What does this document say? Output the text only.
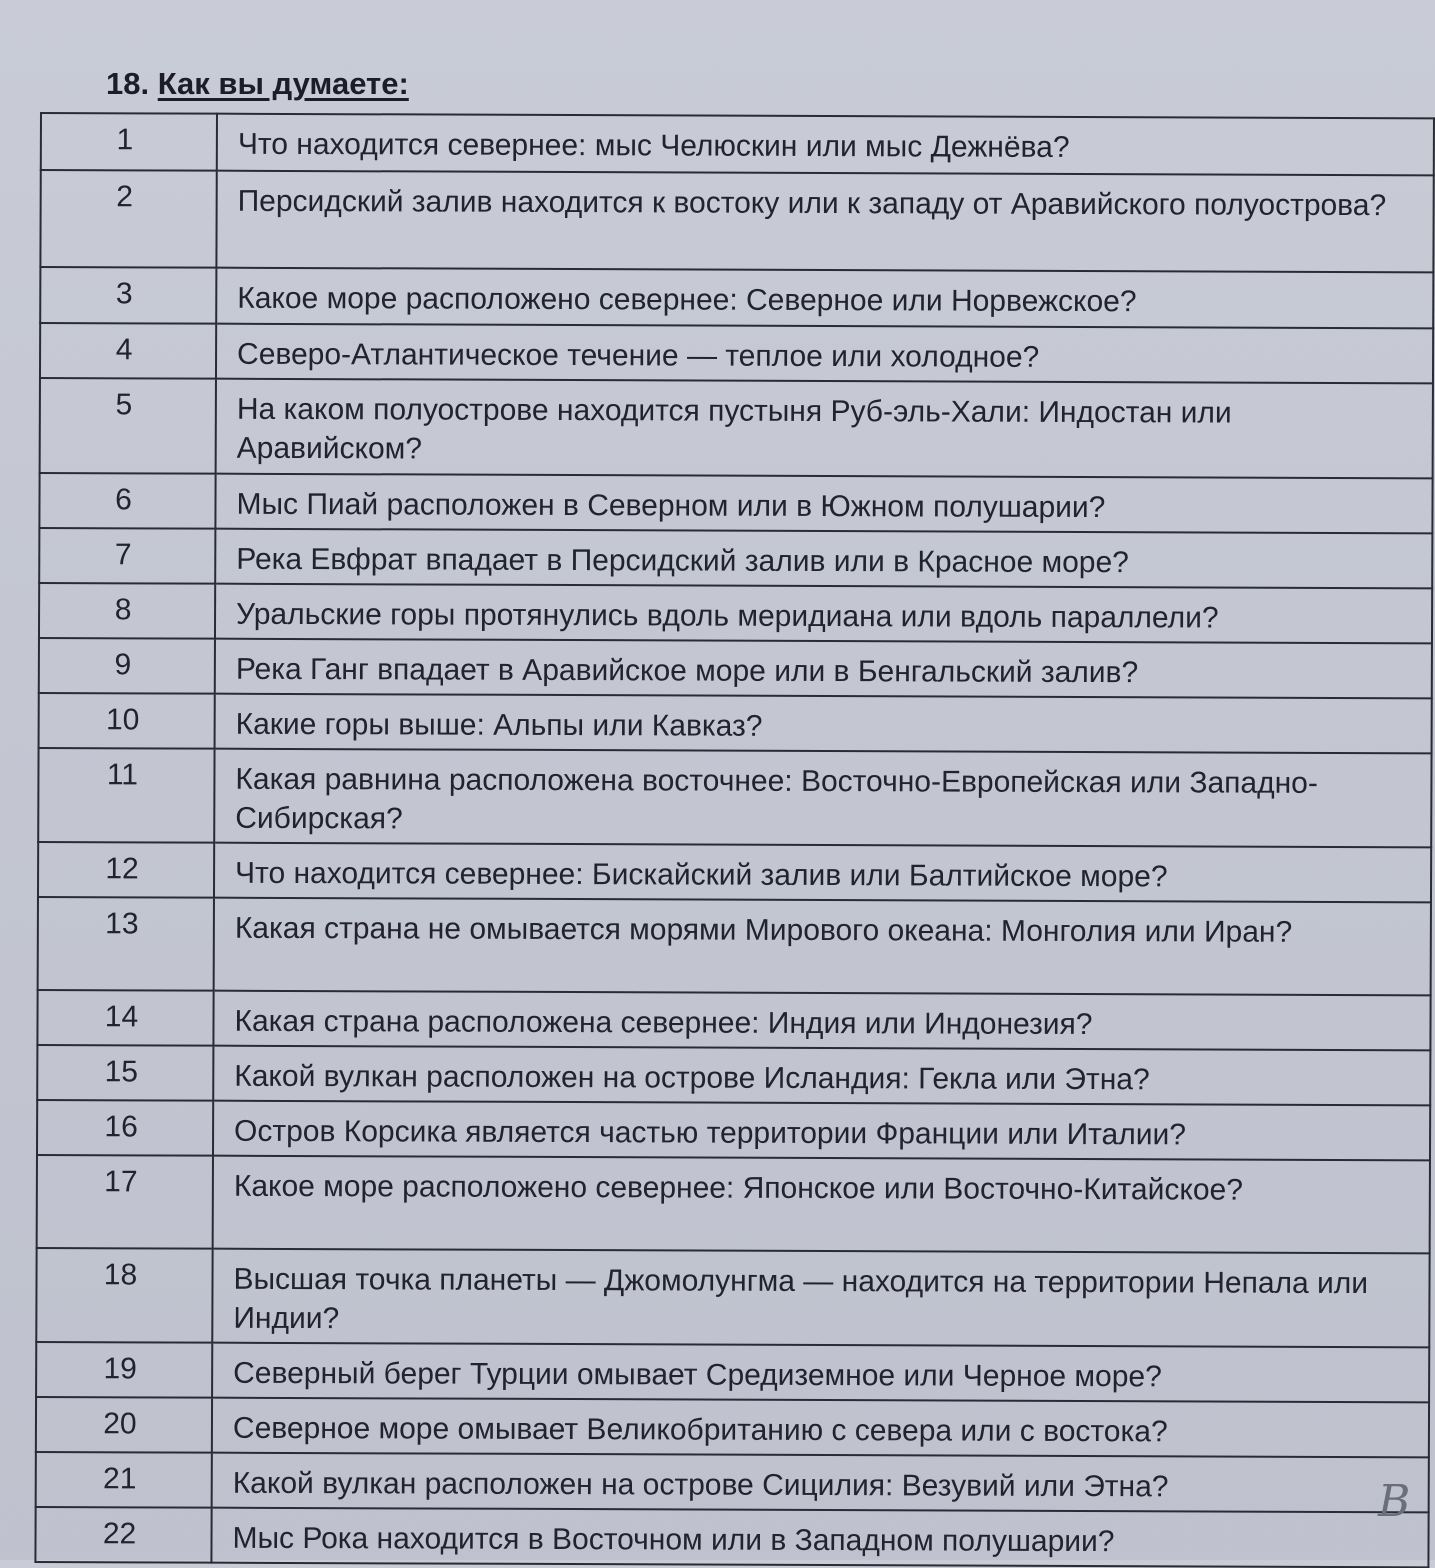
18. Как вы думаете:
1	Что находится севернее: мыс Челюскин или мыс Дежнёва?
2	Персидский залив находится к востоку или к западу от Аравийского полуострова?
3	Какое море расположено севернее: Северное или Норвежское?
4	Северо-Атлантическое течение — теплое или холодное?
5	На каком полуострове находится пустыня Руб-эль-Хали: Индостан или Аравийском?
6	Мыс Пиай расположен в Северном или в Южном полушарии?
7	Река Евфрат впадает в Персидский залив или в Красное море?
8	Уральские горы протянулись вдоль меридиана или вдоль параллели?
9	Река Ганг впадает в Аравийское море или в Бенгальский залив?
10	Какие горы выше: Альпы или Кавказ?
11	Какая равнина расположена восточнее: Восточно-Европейская или Западно-Сибирская?
12	Что находится севернее: Бискайский залив или Балтийское море?
13	Какая страна не омывается морями Мирового океана: Монголия или Иран?
14	Какая страна расположена севернее: Индия или Индонезия?
15	Какой вулкан расположен на острове Исландия: Гекла или Этна?
16	Остров Корсика является частью территории Франции или Италии?
17	Какое море расположено севернее: Японское или Восточно-Китайское?
18	Высшая точка планеты — Джомолунгма — находится на территории Непала или Индии?
19	Северный берег Турции омывает Средиземное или Черное море?
20	Северное море омывает Великобританию с севера или с востока?
21	Какой вулкан расположен на острове Сицилия: Везувий или Этна?
22	Мыс Рока находится в Восточном или в Западном полушарии?
В
